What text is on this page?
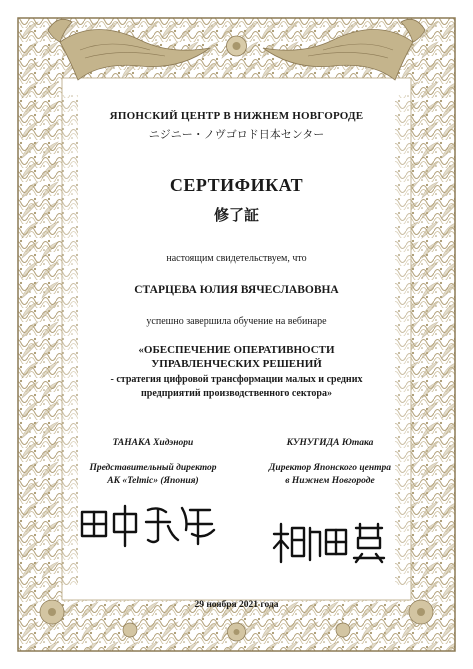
ЯПОНСКИЙ ЦЕНТР В НИЖНЕМ НОВГОРОДЕ
ニジニー・ノヴゴロド日本センター
СЕРТИФИКАТ
修了証
настоящим свидетельствуем, что
СТАРЦЕВА ЮЛИЯ ВЯЧЕСЛАВОВНА
успешно завершила обучение на вебинаре
«ОБЕСПЕЧЕНИЕ ОПЕРАТИВНОСТИ
УПРАВЛЕНЧЕСКИХ РЕШЕНИЙ
- стратегия цифровой трансформации малых и средних
предприятий производственного сектора»
ТАНАКА Хидэнори
Представительный директор
АК «Telmic» (Япония)
КУНУГИДА Ютака
Директор Японского центра
в Нижнем Новгороде
29 ноября 2021 года
